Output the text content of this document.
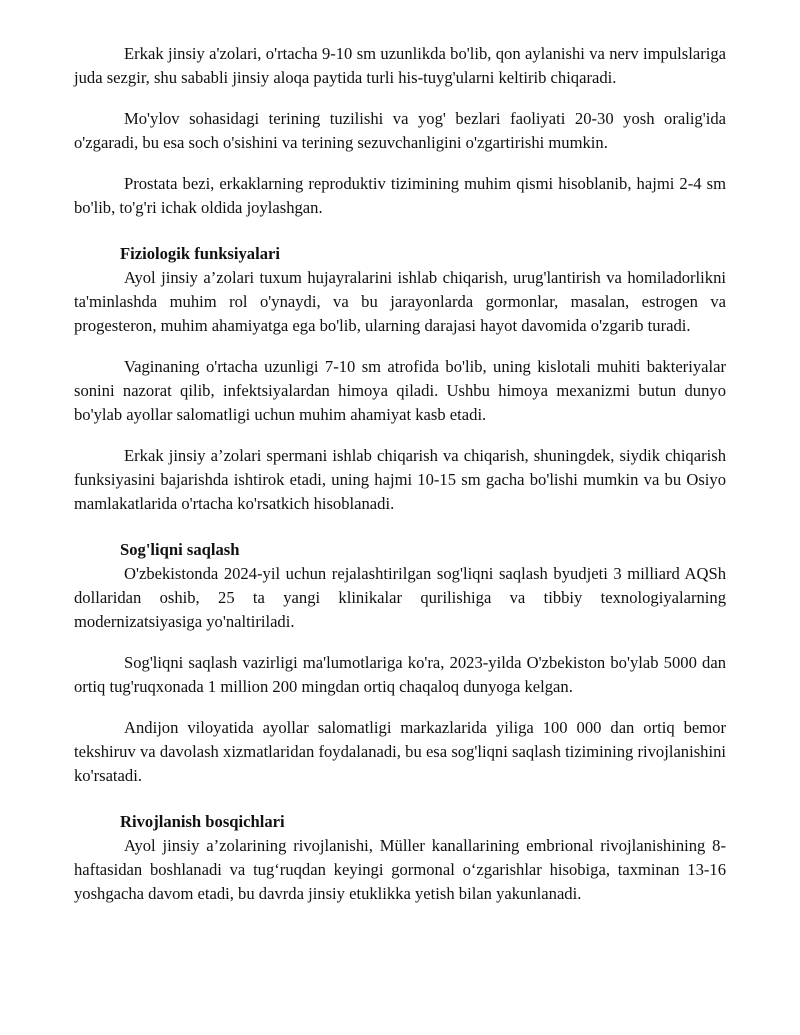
Erkak jinsiy a'zolari, o'rtacha 9-10 sm uzunlikda bo'lib, qon aylanishi va nerv impulslariga juda sezgir, shu sababli jinsiy aloqa paytida turli his-tuyg'ularni keltirib chiqaradi.

Mo'ylov sohasidagi terining tuzilishi va yog' bezlari faoliyati 20-30 yosh oralig'ida o'zgaradi, bu esa soch o'sishini va terining sezuvchanligini o'zgartirishi mumkin.

Prostata bezi, erkaklarning reproduktiv tizimining muhim qismi hisoblanib, hajmi 2-4 sm bo'lib, to'g'ri ichak oldida joylashgan.

Fiziologik funksiyalari

Ayol jinsiy a’zolari tuxum hujayralarini ishlab chiqarish, urug'lantirish va homiladorlikni ta'minlashda muhim rol o'ynaydi, va bu jarayonlarda gormonlar, masalan, estrogen va progesteron, muhim ahamiyatga ega bo'lib, ularning darajasi hayot davomida o'zgarib turadi.

Vaginaning o'rtacha uzunligi 7-10 sm atrofida bo'lib, uning kislotali muhiti bakteriyalar sonini nazorat qilib, infektsiyalardan himoya qiladi. Ushbu himoya mexanizmi butun dunyo bo'ylab ayollar salomatligi uchun muhim ahamiyat kasb etadi.

Erkak jinsiy a’zolari spermani ishlab chiqarish va chiqarish, shuningdek, siydik chiqarish funksiyasini bajarishda ishtirok etadi, uning hajmi 10-15 sm gacha bo'lishi mumkin va bu Osiyo mamlakatlarida o'rtacha ko'rsatkich hisoblanadi.

Sog'liqni saqlash

O'zbekistonda 2024-yil uchun rejalashtirilgan sog'liqni saqlash byudjeti 3 milliard AQSh dollaridan oshib, 25 ta yangi klinikalar qurilishiga va tibbiy texnologiyalarning modernizatsiyasiga yo'naltiriladi.

Sog'liqni saqlash vazirligi ma'lumotlariga ko'ra, 2023-yilda O'zbekiston bo'ylab 5000 dan ortiq tug'ruqxonada 1 million 200 mingdan ortiq chaqaloq dunyoga kelgan.

Andijon viloyatida ayollar salomatligi markazlarida yiliga 100 000 dan ortiq bemor tekshiruv va davolash xizmatlaridan foydalanadi, bu esa sog'liqni saqlash tizimining rivojlanishini ko'rsatadi.

Rivojlanish bosqichlari

Ayol jinsiy a’zolarining rivojlanishi, Müller kanallarining embrional rivojlanishining 8-haftasidan boshlanadi va tug‘ruqdan keyingi gormonal o‘zgarishlar hisobiga, taxminan 13-16 yoshgacha davom etadi, bu davrda jinsiy etuklikka yetish bilan yakunlanadi.
